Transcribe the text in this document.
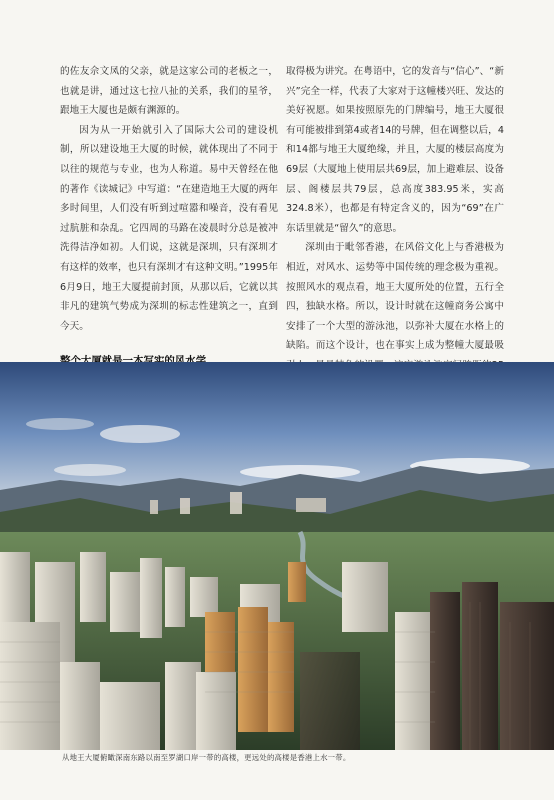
的佐友佘文凤的父亲，就是这家公司的老板之一，也就是讲，通过这七拉八扯的关系，我们的星爷，跟地王大厦也是颇有渊源的。

因为从一开始就引入了国际大公司的建设机制，所以建设地王大厦的时候，就体现出了不同于以往的规范与专业，也为人称道。易中天曾经在他的著作《读城记》中写道：“在建造地王大厦的两年多时间里，人们没有听到过喧嚣和噪音，没有看见过肮脏和杂乱。它四周的马路在凌晨时分总是被冲洗得洁净如初。人们说，这就是深圳，只有深圳才有这样的效率，也只有深圳才有这种文明。”1995年6月9日，地王大厦提前封顶，从那以后，它就以其非凡的建筑气势成为深圳的标志性建筑之一，直到今天。

取得极为讲究。在粤语中，它的发音与“信心”、“新兴”完全一样，代表了大家对于这幢楼兴旺、发达的美好祝愿。如果按照原先的门牌编号，地王大厦很有可能被排到第4或者14的号牌，但在调整以后，4和14都与地王大厦绝缘，并且，大厦的楼层高度为69层（大厦地上使用层共69层，加上避难层、设备层、阁楼层共79层，总高度383.95米，实高324.8米），也都是有特定含义的，因为“69”在广东话里就是“留久”的意思。

深圳由于毗邻香港，在风俗文化上与香港极为相近，对风水、运势等中国传统的理念极为重视。按照风水的观点看，地王大厦所处的位置，五行全四，独缺水格。所以，设计时就在这幢商务公寓中安排了一个大型的游泳池，以弥补大厦在水格上的缺陷。而这个设计，也在事实上成为整幢大厦最吸

从地王大厦俯瞰深南东路以南至罗湖口岸一带的高楼，更远处的高楼是香港上水一带。
